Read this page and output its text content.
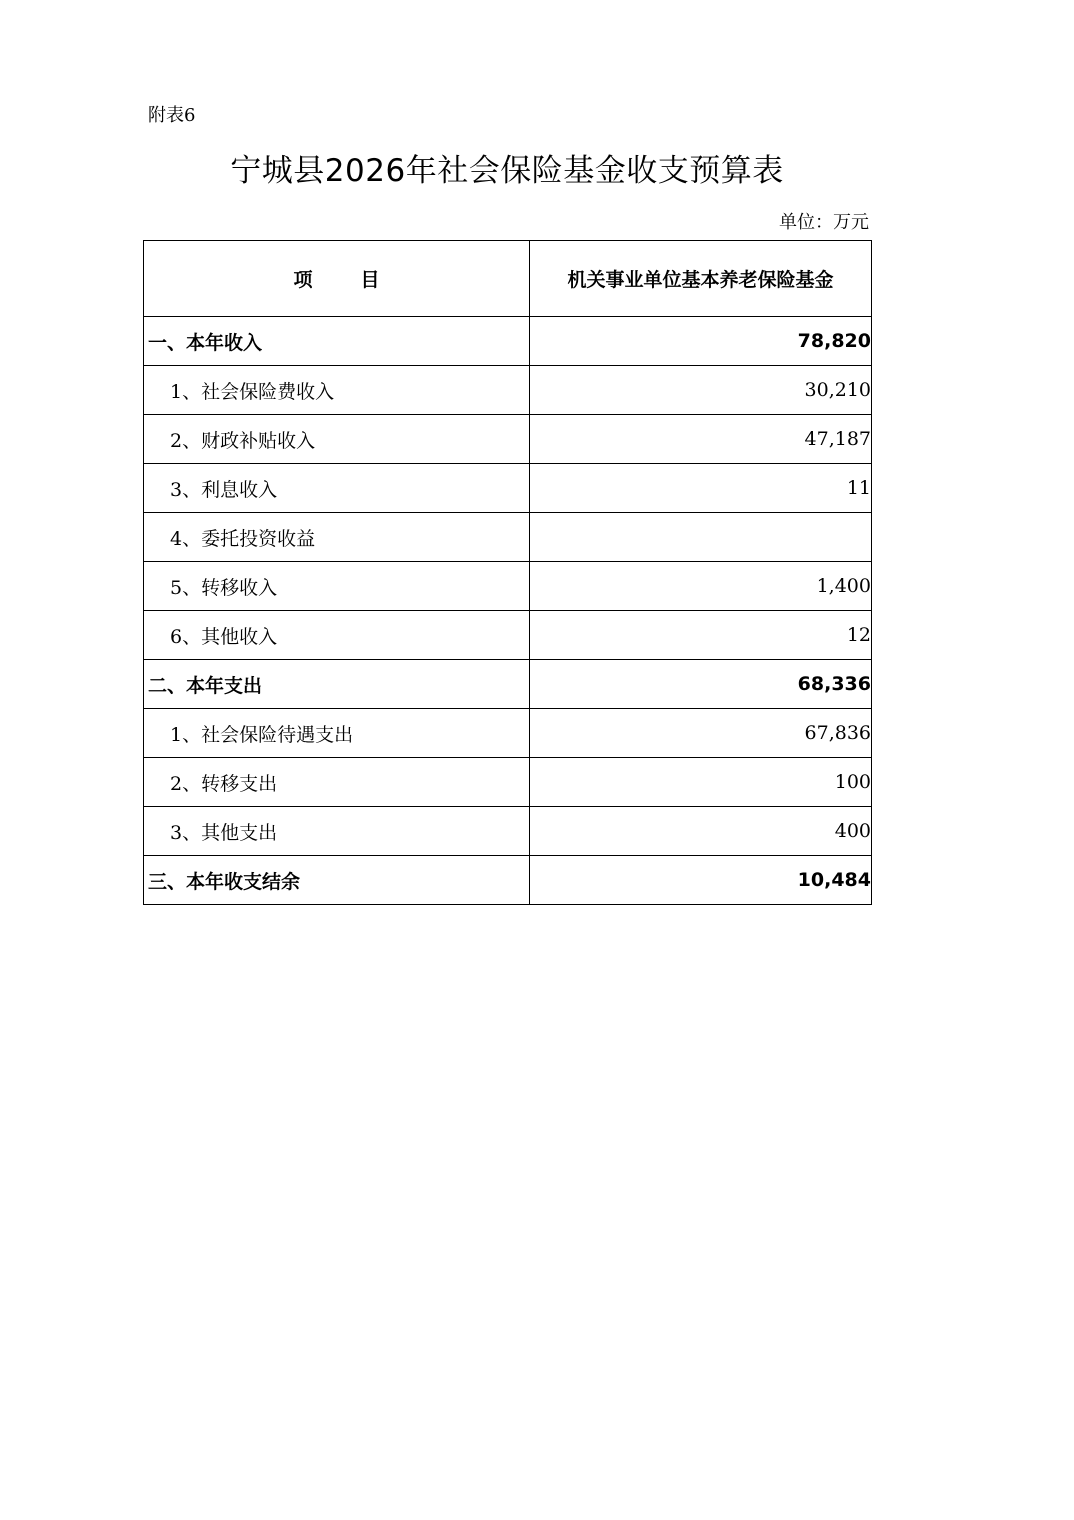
附表6
宁城县2026年社会保险基金收支预算表
单位：万元
项目	机关事业单位基本养老保险基金
一、本年收入	78,820
1、社会保险费收入	30,210
2、财政补贴收入	47,187
3、利息收入	11
4、委托投资收益	
5、转移收入	1,400
6、其他收入	12
二、本年支出	68,336
1、社会保险待遇支出	67,836
2、转移支出	100
3、其他支出	400
三、本年收支结余	10,484
